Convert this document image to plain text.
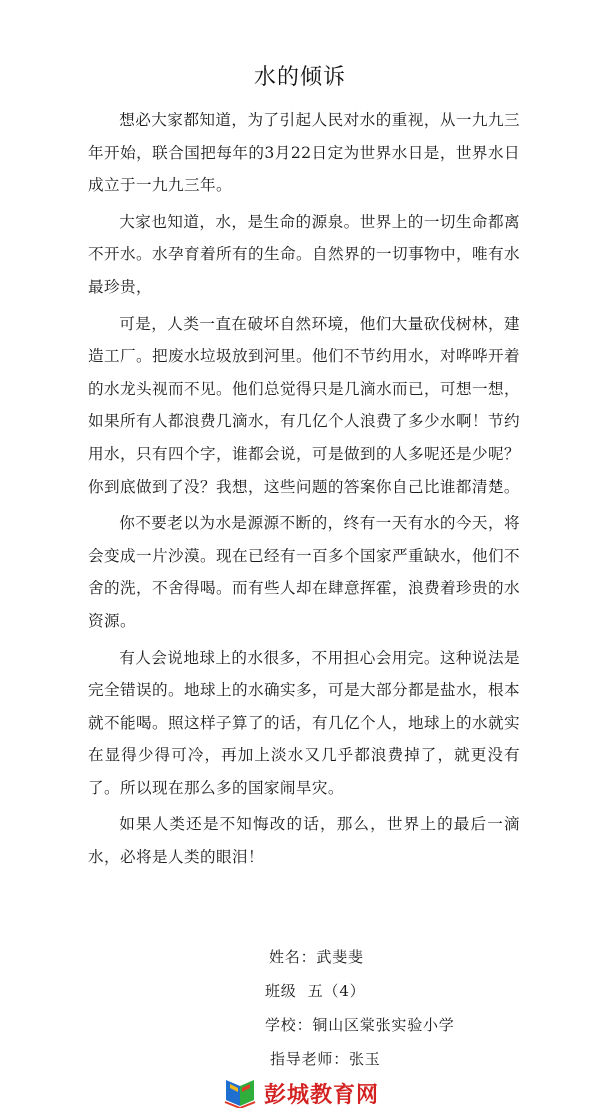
水的倾诉

想必大家都知道，为了引起人民对水的重视，从一九九三年开始，联合国把每年的3月22日定为世界水日是，世界水日成立于一九九三年。

大家也知道，水，是生命的源泉。世界上的一切生命都离不开水。水孕育着所有的生命。自然界的一切事物中，唯有水最珍贵，

可是，人类一直在破坏自然环境，他们大量砍伐树林，建造工厂。把废水垃圾放到河里。他们不节约用水，对哗哗开着的水龙头视而不见。他们总觉得只是几滴水而已，可想一想，如果所有人都浪费几滴水，有几亿个人浪费了多少水啊！节约用水，只有四个字，谁都会说，可是做到的人多呢还是少呢？你到底做到了没？我想，这些问题的答案你自己比谁都清楚。

你不要老以为水是源源不断的，终有一天有水的今天，将会变成一片沙漠。现在已经有一百多个国家严重缺水，他们不舍的洗，不舍得喝。而有些人却在肆意挥霍，浪费着珍贵的水资源。

有人会说地球上的水很多，不用担心会用完。这种说法是完全错误的。地球上的水确实多，可是大部分都是盐水，根本就不能喝。照这样子算了的话，有几亿个人，地球上的水就实在显得少得可冷，再加上淡水又几乎都浪费掉了，就更没有了。所以现在那么多的国家闹旱灾。

如果人类还是不知悔改的话，那么，世界上的最后一滴水，必将是人类的眼泪！

姓名：武斐斐
班级  五（4）
学校：铜山区棠张实验小学
指导老师：张玉
彭城教育网
